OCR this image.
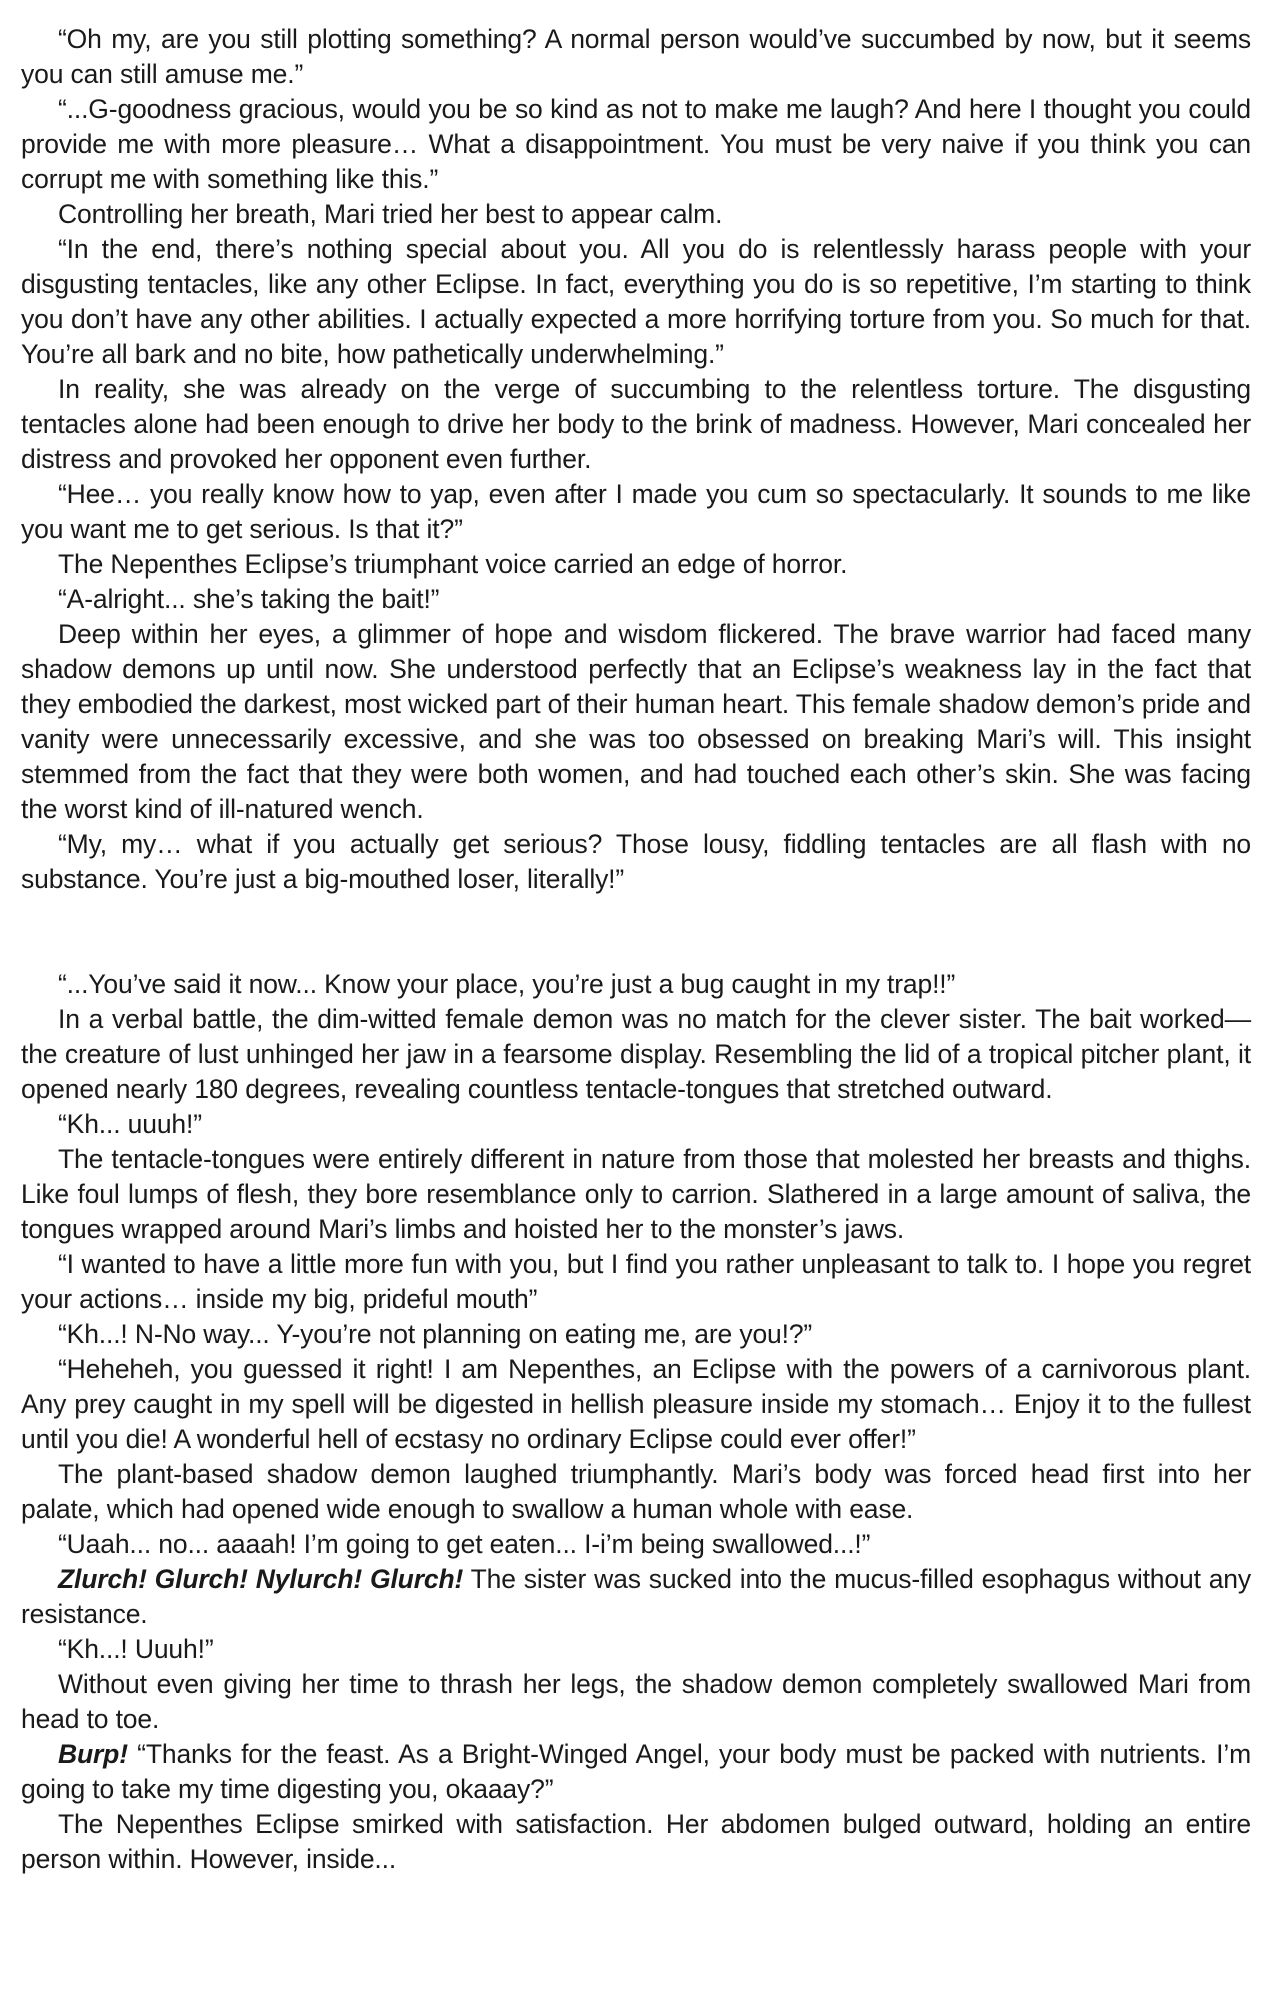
“Oh my, are you still plotting something? A normal person would’ve succumbed by now, but it seems you can still amuse me.”

“...G-goodness gracious, would you be so kind as not to make me laugh? And here I thought you could provide me with more pleasure… What a disappointment. You must be very naive if you think you can corrupt me with something like this.”

Controlling her breath, Mari tried her best to appear calm.

“In the end, there’s nothing special about you. All you do is relentlessly harass people with your disgusting tentacles, like any other Eclipse. In fact, everything you do is so repetitive, I’m starting to think you don’t have any other abilities. I actually expected a more horrifying torture from you. So much for that. You’re all bark and no bite, how pathetically underwhelming.”

In reality, she was already on the verge of succumbing to the relentless torture. The disgusting tentacles alone had been enough to drive her body to the brink of madness. However, Mari concealed her distress and provoked her opponent even further.

“Hee… you really know how to yap, even after I made you cum so spectacularly. It sounds to me like you want me to get serious. Is that it?”

The Nepenthes Eclipse’s triumphant voice carried an edge of horror.

“A-alright... she’s taking the bait!”

Deep within her eyes, a glimmer of hope and wisdom flickered. The brave warrior had faced many shadow demons up until now. She understood perfectly that an Eclipse’s weakness lay in the fact that they embodied the darkest, most wicked part of their human heart. This female shadow demon’s pride and vanity were unnecessarily excessive, and she was too obsessed on breaking Mari’s will. This insight stemmed from the fact that they were both women, and had touched each other’s skin. She was facing the worst kind of ill-natured wench.

“My, my… what if you actually get serious? Those lousy, fiddling tentacles are all flash with no substance. You’re just a big-mouthed loser, literally!”

“...You’ve said it now... Know your place, you’re just a bug caught in my trap!!”

In a verbal battle, the dim-witted female demon was no match for the clever sister. The bait worked—the creature of lust unhinged her jaw in a fearsome display. Resembling the lid of a tropical pitcher plant, it opened nearly 180 degrees, revealing countless tentacle-tongues that stretched outward.

“Kh... uuuh!”

The tentacle-tongues were entirely different in nature from those that molested her breasts and thighs. Like foul lumps of flesh, they bore resemblance only to carrion. Slathered in a large amount of saliva, the tongues wrapped around Mari’s limbs and hoisted her to the monster’s jaws.

“I wanted to have a little more fun with you, but I find you rather unpleasant to talk to. I hope you regret your actions… inside my big, prideful mouth”

“Kh...! N-No way... Y-you’re not planning on eating me, are you!?”

“Heheheh, you guessed it right! I am Nepenthes, an Eclipse with the powers of a carnivorous plant. Any prey caught in my spell will be digested in hellish pleasure inside my stomach… Enjoy it to the fullest until you die! A wonderful hell of ecstasy no ordinary Eclipse could ever offer!”

The plant-based shadow demon laughed triumphantly. Mari’s body was forced head first into her palate, which had opened wide enough to swallow a human whole with ease.

“Uaah... no... aaaah! I’m going to get eaten... I-i’m being swallowed...!”

Zlurch! Glurch! Nylurch! Glurch! The sister was sucked into the mucus-filled esophagus without any resistance.

“Kh...! Uuuh!”

Without even giving her time to thrash her legs, the shadow demon completely swallowed Mari from head to toe.

Burp! “Thanks for the feast. As a Bright-Winged Angel, your body must be packed with nutrients. I’m going to take my time digesting you, okaaay?”

The Nepenthes Eclipse smirked with satisfaction. Her abdomen bulged outward, holding an entire person within. However, inside...
